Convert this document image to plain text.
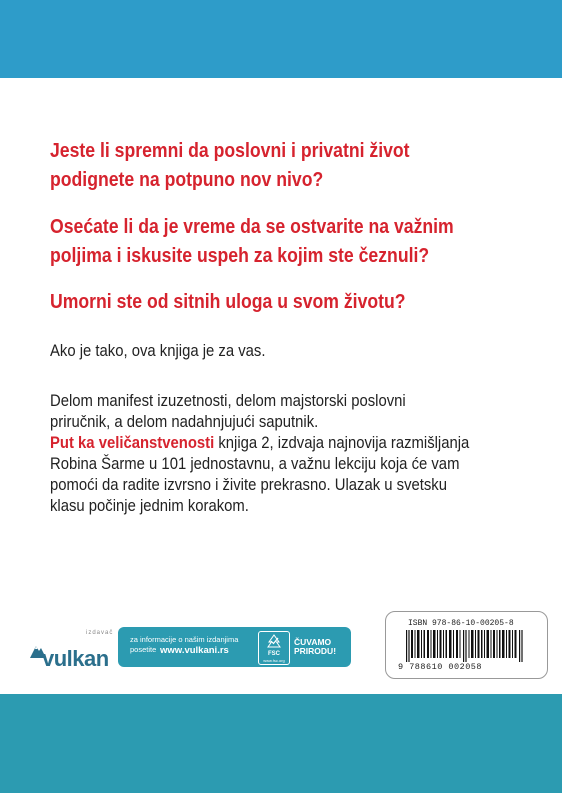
Jeste li spremni da poslovni i privatni život
podignete na potpuno nov nivo?

Osećate li da je vreme da se ostvarite na važnim
poljima i iskusite uspeh za kojim ste čeznuli?

Umorni ste od sitnih uloga u svom životu?

Ako je tako, ova knjiga je za vas.

Delom manifest izuzetnosti, delom majstorski poslovni
priručnik, a delom nadahnjujući saputnik.
Put ka veličanstvenosti knjiga 2, izdvaja najnovija razmišljanja
Robina Šarme u 101 jednostavnu, a važnu lekciju koja će vam
pomoći da radite izvrsno i živite prekrasno. Ulazak u svetsku
klasu počinje jednim korakom.

izdavač
vulkan
za informacije o našim izdanjima
posetite www.vulkani.rs	FSC
www.fsc.org
ČUVAMO
PRIRODU!
ISBN 978-86-10-00205-8
9 788610 002058
